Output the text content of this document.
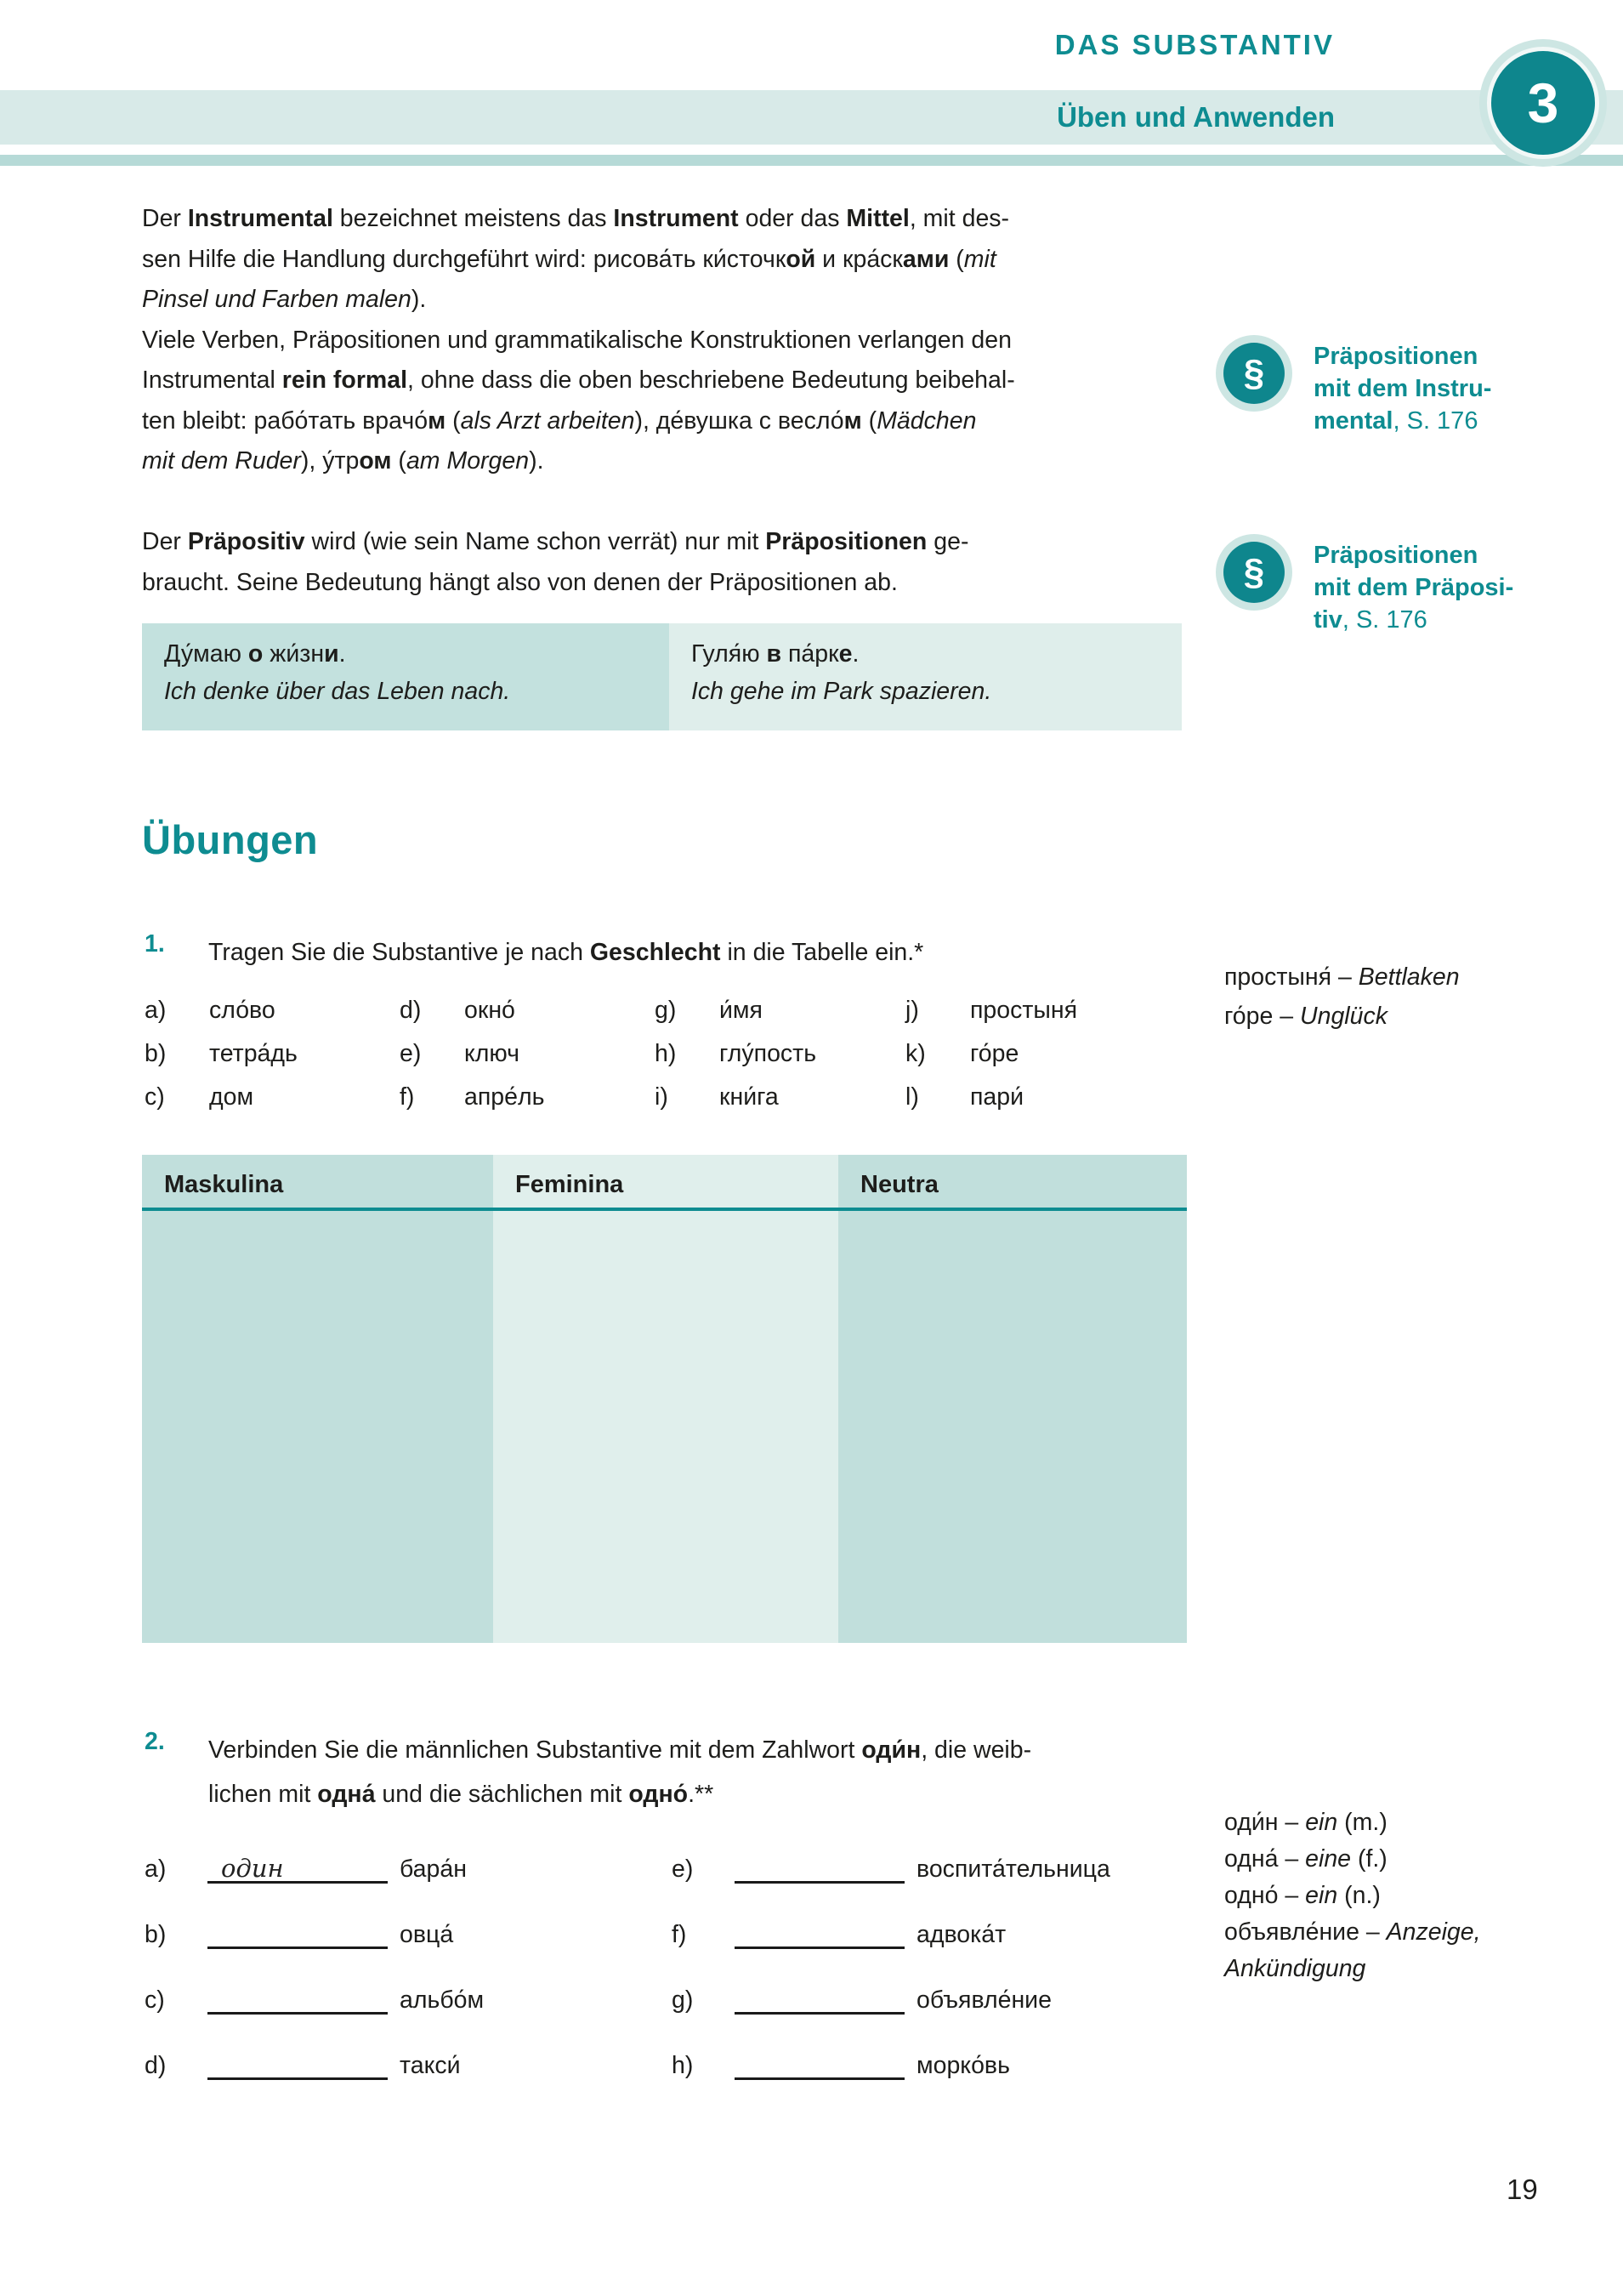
DAS SUBSTANTIV
Üben und Anwenden	3
Der Instrumental bezeichnet meistens das Instrument oder das Mittel, mit des-
sen Hilfe die Handlung durchgeführt wird: рисова́ть ки́сточкой и кра́сками (mit
Pinsel und Farben malen).
Viele Verben, Präpositionen und grammatikalische Konstruktionen verlangen den
Instrumental rein formal, ohne dass die oben beschriebene Bedeutung beibehal-
ten bleibt: рабо́тать врачо́м (als Arzt arbeiten), де́вушка с весло́м (Mädchen
mit dem Ruder), у́тром (am Morgen).
Der Präpositiv wird (wie sein Name schon verrät) nur mit Präpositionen ge-
braucht. Seine Bedeutung hängt also von denen der Präpositionen ab.
§	Präpositionen
mit dem Instru-
mental, S. 176
§	Präpositionen
mit dem Präposi-
tiv, S. 176
Ду́маю о жи́зни.
Ich denke über das Leben nach.
Гуля́ю в па́рке.
Ich gehe im Park spazieren.
Übungen
1. Tragen Sie die Substantive je nach Geschlecht in die Tabelle ein.*
простыня́ – Bettlaken
го́ре – Unglück
a) сло́во	d) окно́	g) и́мя	j) простыня́
b) тетра́дь	e) ключ	h) глу́пость	k) го́ре
c) дом	f) апре́ль	i) кни́га	l) пари́
Maskulina	Feminina	Neutra
2. Verbinden Sie die männlichen Substantive mit dem Zahlwort оди́н, die weib-
lichen mit одна́ und die sächlichen mit одно́.**
оди́н – ein (m.)
одна́ – eine (f.)
одно́ – ein (n.)
объявле́ние – Anzeige,
Ankündigung
a) один	бара́н
b)	овца́
c)	альбо́м
d)	такси́
e)	воспита́тельница
f)	адвока́т
g)	объявле́ние
h)	морко́вь
19
